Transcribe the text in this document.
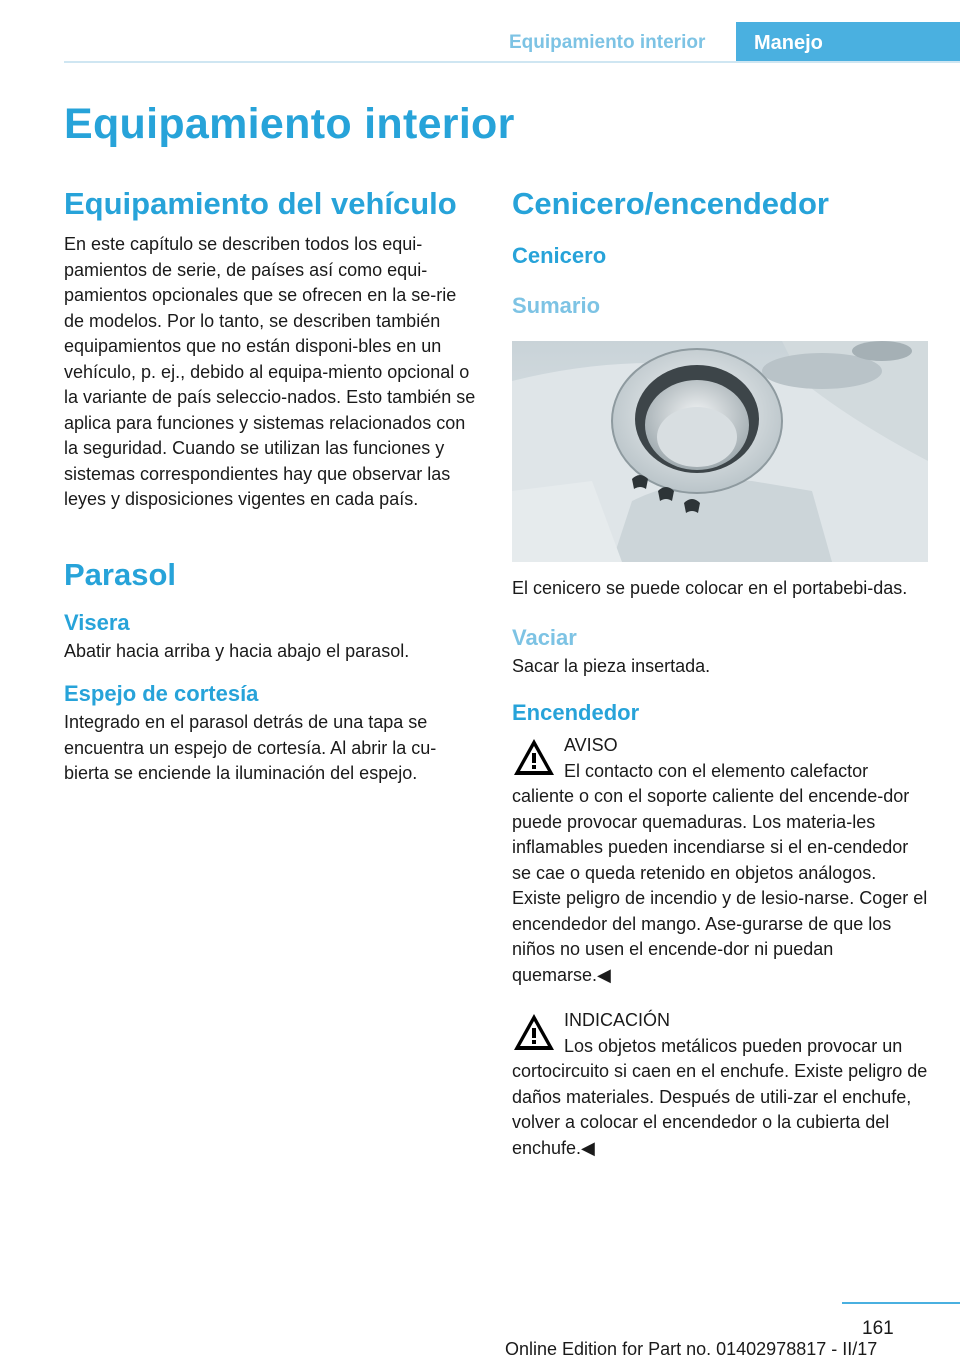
Equipamiento interior	Manejo
Equipamiento interior
Equipamiento del vehículo

En este capítulo se describen todos los equi-pamientos de serie, de países así como equi-pamientos opcionales que se ofrecen en la se-rie de modelos. Por lo tanto, se describen también equipamientos que no están disponi-bles en un vehículo, p. ej., debido al equipa-miento opcional o la variante de país seleccio-nados. Esto también se aplica para funciones y sistemas relacionados con la seguridad. Cuando se utilizan las funciones y sistemas correspondientes hay que observar las leyes y disposiciones vigentes en cada país.

Parasol
Visera

Abatir hacia arriba y hacia abajo el parasol.

Espejo de cortesía

Integrado en el parasol detrás de una tapa se encuentra un espejo de cortesía. Al abrir la cu-bierta se enciende la iluminación del espejo.

Cenicero/encendedor
Cenicero
Sumario

El cenicero se puede colocar en el portabebi-das.

Vaciar

Sacar la pieza insertada.

Encendedor
AVISO
El contacto con el elemento calefactor caliente o con el soporte caliente del encende-dor puede provocar quemaduras. Los materia-les inflamables pueden incendiarse si el en-cendedor se cae o queda retenido en objetos análogos. Existe peligro de incendio y de lesio-narse. Coger el encendedor del mango. Ase-gurarse de que los niños no usen el encende-dor ni puedan quemarse.◀
INDICACIÓN
Los objetos metálicos pueden provocar un cortocircuito si caen en el enchufe. Existe peligro de daños materiales. Después de utili-zar el enchufe, volver a colocar el encendedor o la cubierta del enchufe.◀
161
Online Edition for Part no. 01402978817 - II/17
